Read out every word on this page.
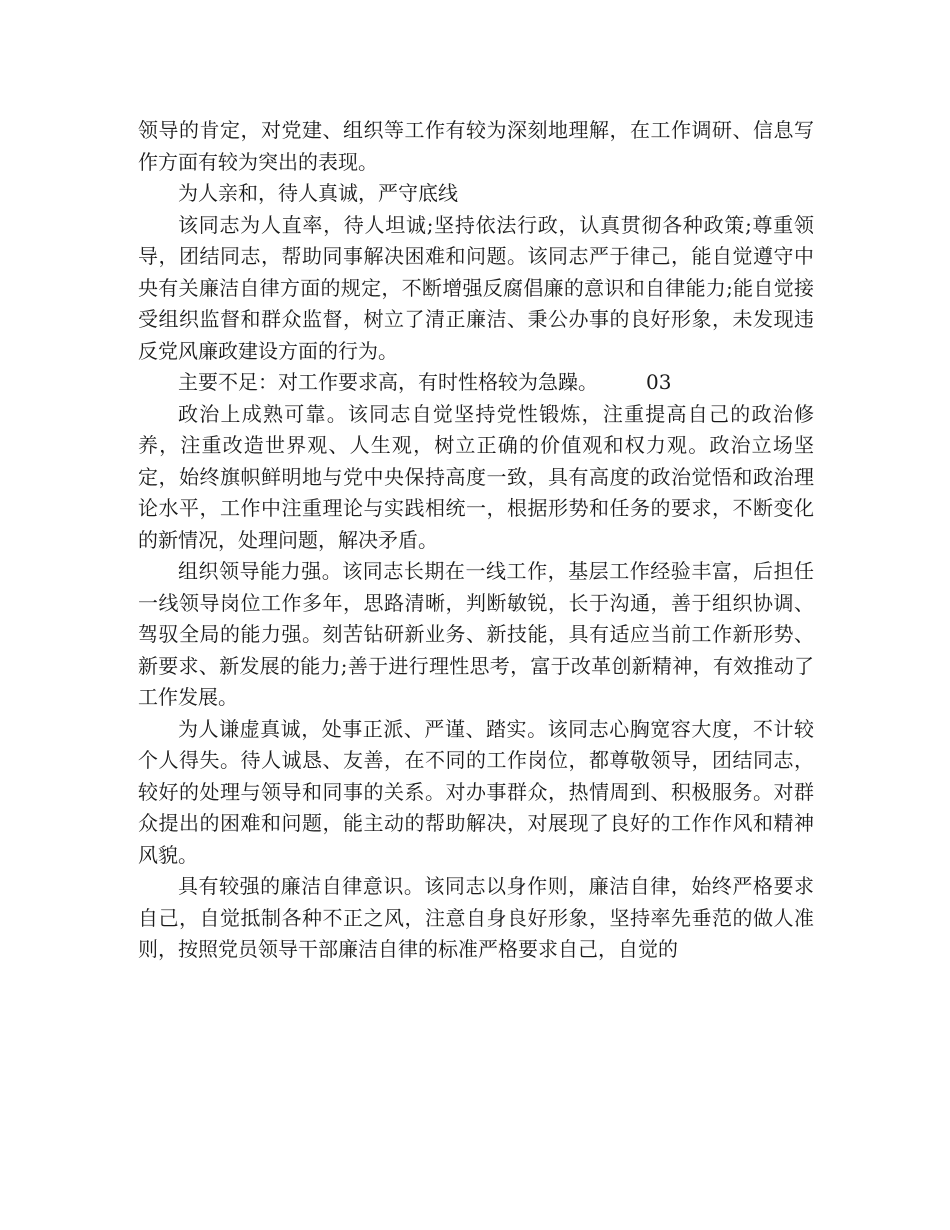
领导的肯定，对党建、组织等工作有较为深刻地理解，在工作调研、信息写作方面有较为突出的表现。

为人亲和，待人真诚，严守底线

该同志为人直率，待人坦诚;坚持依法行政，认真贯彻各种政策;尊重领导，团结同志，帮助同事解决困难和问题。该同志严于律己，能自觉遵守中央有关廉洁自律方面的规定，不断增强反腐倡廉的意识和自律能力;能自觉接受组织监督和群众监督，树立了清正廉洁、秉公办事的良好形象，未发现违反党风廉政建设方面的行为。

主要不足：对工作要求高，有时性格较为急躁。 03

政治上成熟可靠。该同志自觉坚持党性锻炼，注重提高自己的政治修养，注重改造世界观、人生观，树立正确的价值观和权力观。政治立场坚定，始终旗帜鲜明地与党中央保持高度一致，具有高度的政治觉悟和政治理论水平，工作中注重理论与实践相统一，根据形势和任务的要求，不断变化的新情况，处理问题，解决矛盾。

组织领导能力强。该同志长期在一线工作，基层工作经验丰富，后担任一线领导岗位工作多年，思路清晰，判断敏锐，长于沟通，善于组织协调、驾驭全局的能力强。刻苦钻研新业务、新技能，具有适应当前工作新形势、新要求、新发展的能力;善于进行理性思考，富于改革创新精神，有效推动了工作发展。

为人谦虚真诚，处事正派、严谨、踏实。该同志心胸宽容大度，不计较个人得失。待人诚恳、友善，在不同的工作岗位，都尊敬领导，团结同志，较好的处理与领导和同事的关系。对办事群众，热情周到、积极服务。对群众提出的困难和问题，能主动的帮助解决，对展现了良好的工作作风和精神风貌。

具有较强的廉洁自律意识。该同志以身作则，廉洁自律，始终严格要求自己，自觉抵制各种不正之风，注意自身良好形象，坚持率先垂范的做人准则，按照党员领导干部廉洁自律的标准严格要求自己，自觉的
